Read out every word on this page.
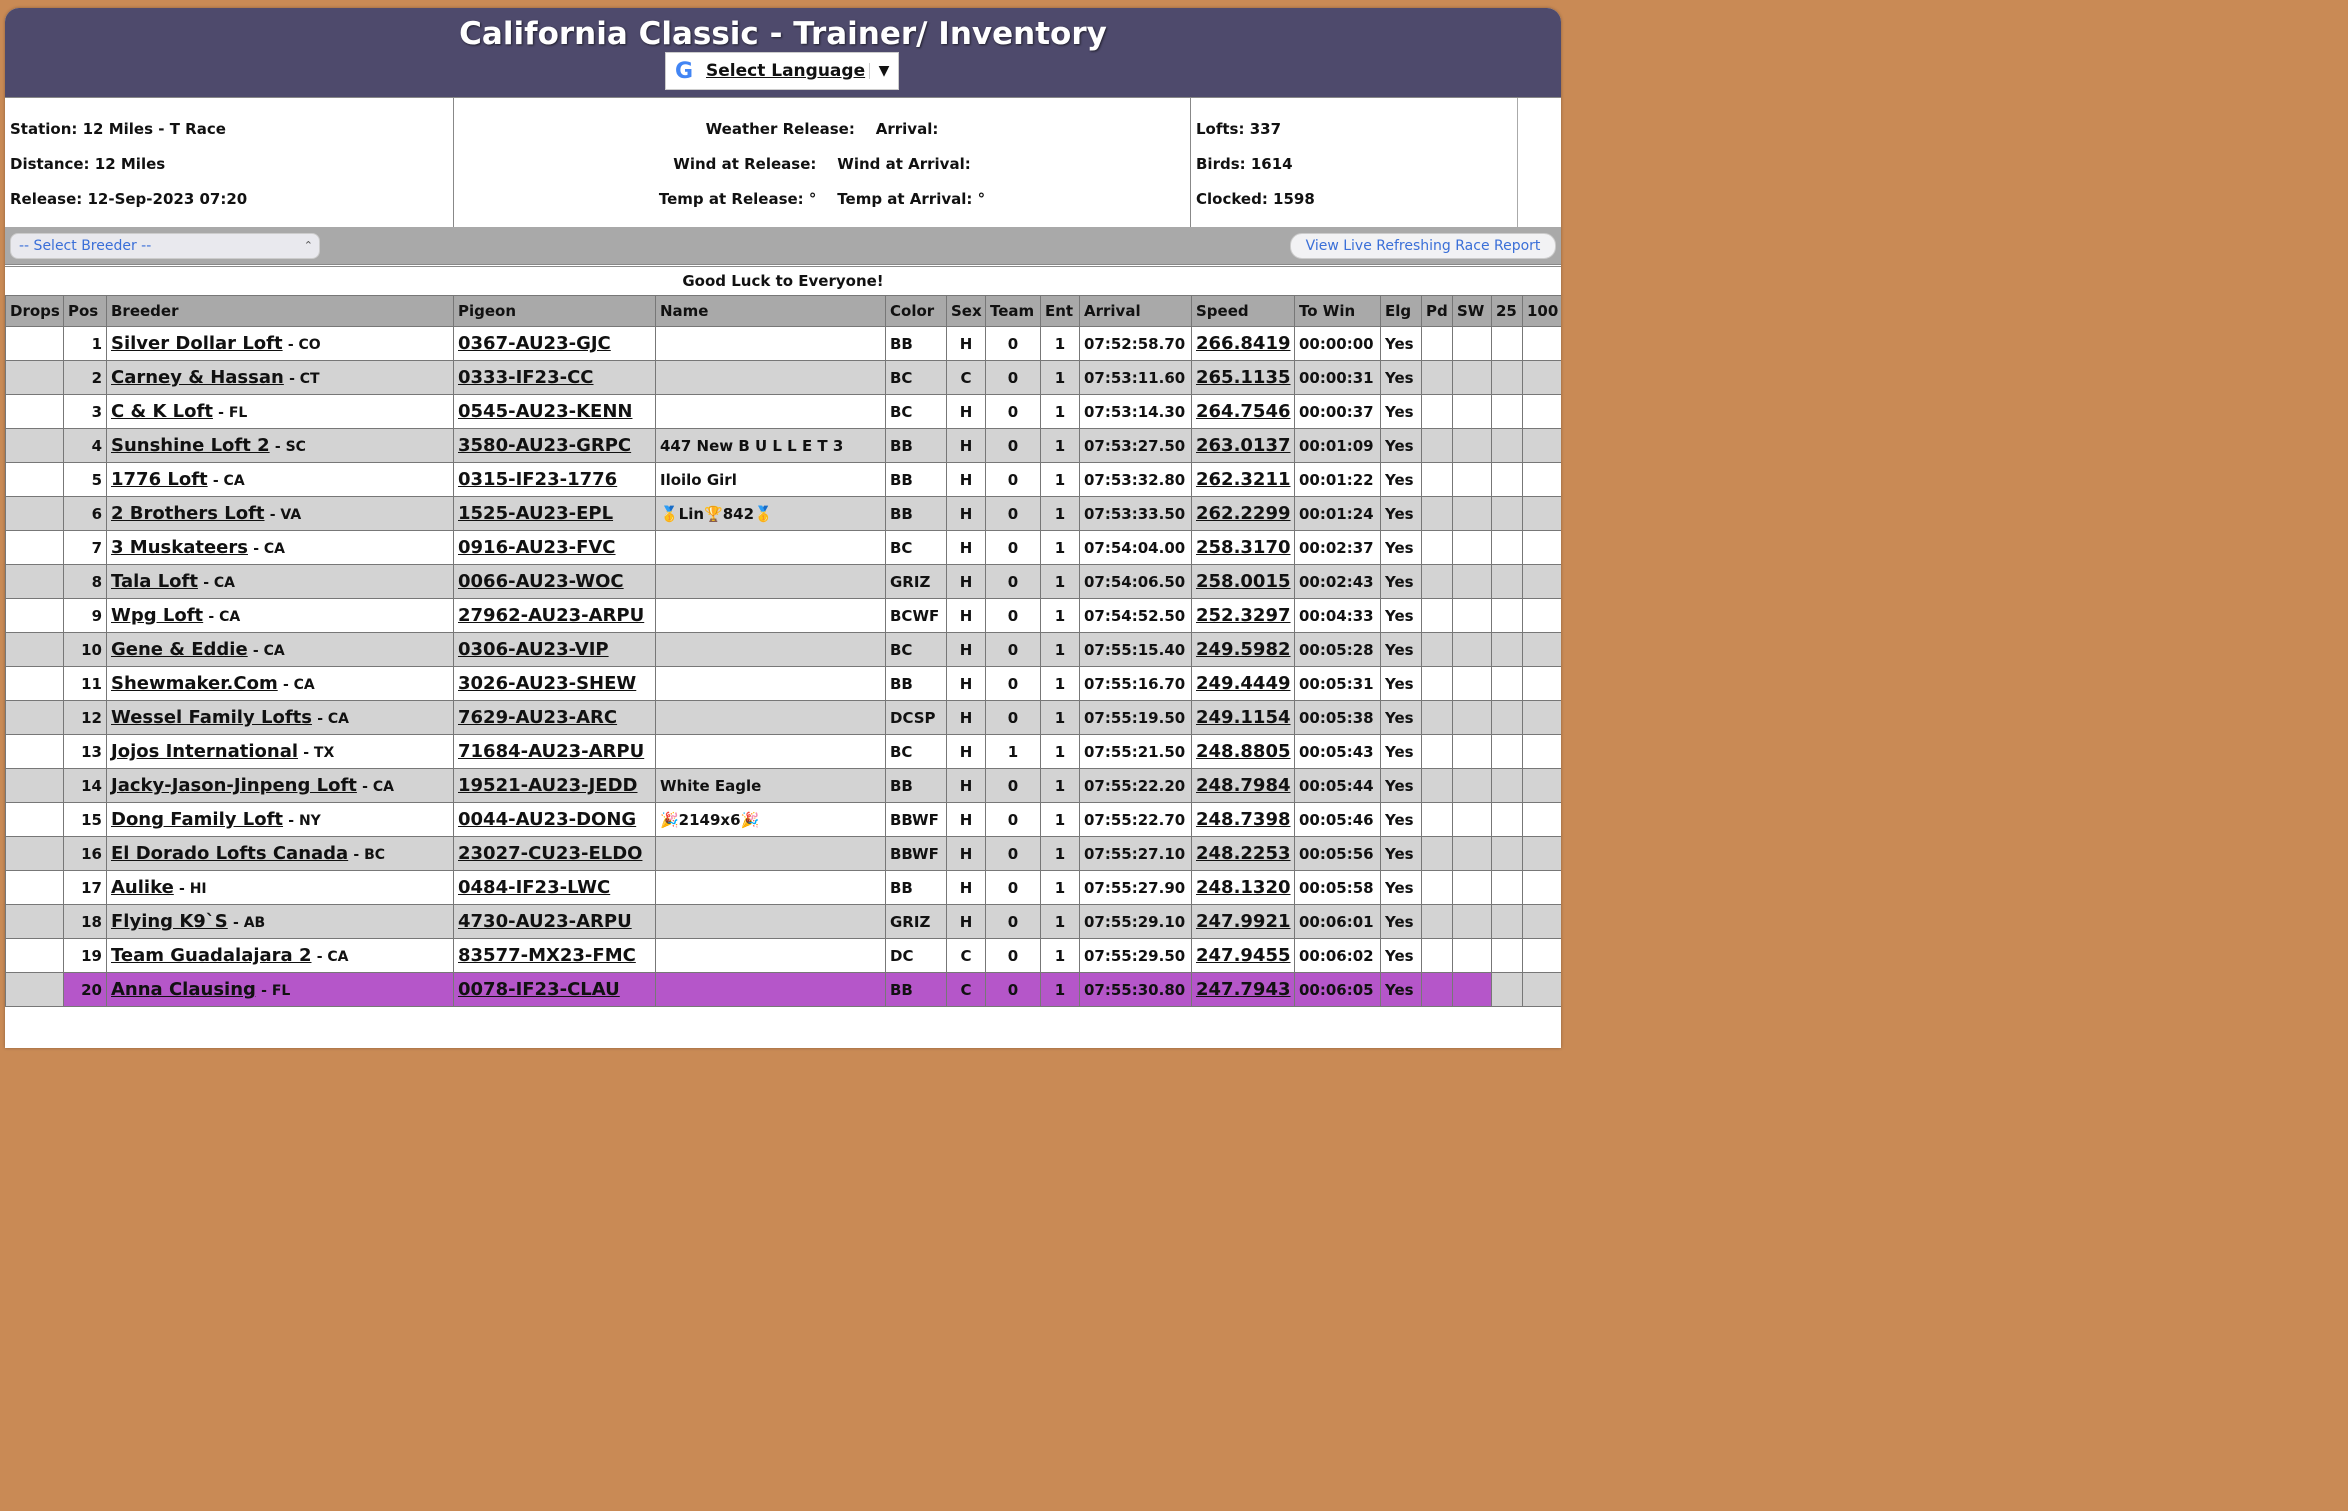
California Classic - Trainer/ Inventory
G Select Language ▼
Station: 12 Miles - T Race
Distance: 12 Miles
Release: 12-Sep-2023 07:20
Weather Release: Arrival:
Wind at Release: Wind at Arrival:
Temp at Release: ° Temp at Arrival: °
Lofts: 337
Birds: 1614
Clocked: 1598
-- Select Breeder --	⌃	View Live Refreshing Race Report
Good Luck to Everyone!
Drops	Pos	Breeder	Pigeon	Name	Color	Sex	Team	Ent	Arrival	Speed	To Win	Elg	Pd	SW	25	100
	1	Silver Dollar Loft - CO	0367-AU23-GJC		BB	H	0	1	07:52:58.70	266.8419	00:00:00	Yes				
	2	Carney & Hassan - CT	0333-IF23-CC		BC	C	0	1	07:53:11.60	265.1135	00:00:31	Yes				
	3	C & K Loft - FL	0545-AU23-KENN		BC	H	0	1	07:53:14.30	264.7546	00:00:37	Yes				
	4	Sunshine Loft 2 - SC	3580-AU23-GRPC	447 New B U L L E T 3	BB	H	0	1	07:53:27.50	263.0137	00:01:09	Yes				
	5	1776 Loft - CA	0315-IF23-1776	Iloilo Girl	BB	H	0	1	07:53:32.80	262.3211	00:01:22	Yes				
	6	2 Brothers Loft - VA	1525-AU23-EPL	🥇Lin🏆842🥇	BB	H	0	1	07:53:33.50	262.2299	00:01:24	Yes				
	7	3 Muskateers - CA	0916-AU23-FVC		BC	H	0	1	07:54:04.00	258.3170	00:02:37	Yes				
	8	Tala Loft - CA	0066-AU23-WOC		GRIZ	H	0	1	07:54:06.50	258.0015	00:02:43	Yes				
	9	Wpg Loft - CA	27962-AU23-ARPU		BCWF	H	0	1	07:54:52.50	252.3297	00:04:33	Yes				
	10	Gene & Eddie - CA	0306-AU23-VIP		BC	H	0	1	07:55:15.40	249.5982	00:05:28	Yes				
	11	Shewmaker.Com - CA	3026-AU23-SHEW		BB	H	0	1	07:55:16.70	249.4449	00:05:31	Yes				
	12	Wessel Family Lofts - CA	7629-AU23-ARC		DCSP	H	0	1	07:55:19.50	249.1154	00:05:38	Yes				
	13	Jojos International - TX	71684-AU23-ARPU		BC	H	1	1	07:55:21.50	248.8805	00:05:43	Yes				
	14	Jacky-Jason-Jinpeng Loft - CA	19521-AU23-JEDD	White Eagle	BB	H	0	1	07:55:22.20	248.7984	00:05:44	Yes				
	15	Dong Family Loft - NY	0044-AU23-DONG	🎉2149x6🎉	BBWF	H	0	1	07:55:22.70	248.7398	00:05:46	Yes				
	16	El Dorado Lofts Canada - BC	23027-CU23-ELDO		BBWF	H	0	1	07:55:27.10	248.2253	00:05:56	Yes				
	17	Aulike - HI	0484-IF23-LWC		BB	H	0	1	07:55:27.90	248.1320	00:05:58	Yes				
	18	Flying K9`S - AB	4730-AU23-ARPU		GRIZ	H	0	1	07:55:29.10	247.9921	00:06:01	Yes				
	19	Team Guadalajara 2 - CA	83577-MX23-FMC		DC	C	0	1	07:55:29.50	247.9455	00:06:02	Yes				
	20	Anna Clausing - FL	0078-IF23-CLAU		BB	C	0	1	07:55:30.80	247.7943	00:06:05	Yes				
